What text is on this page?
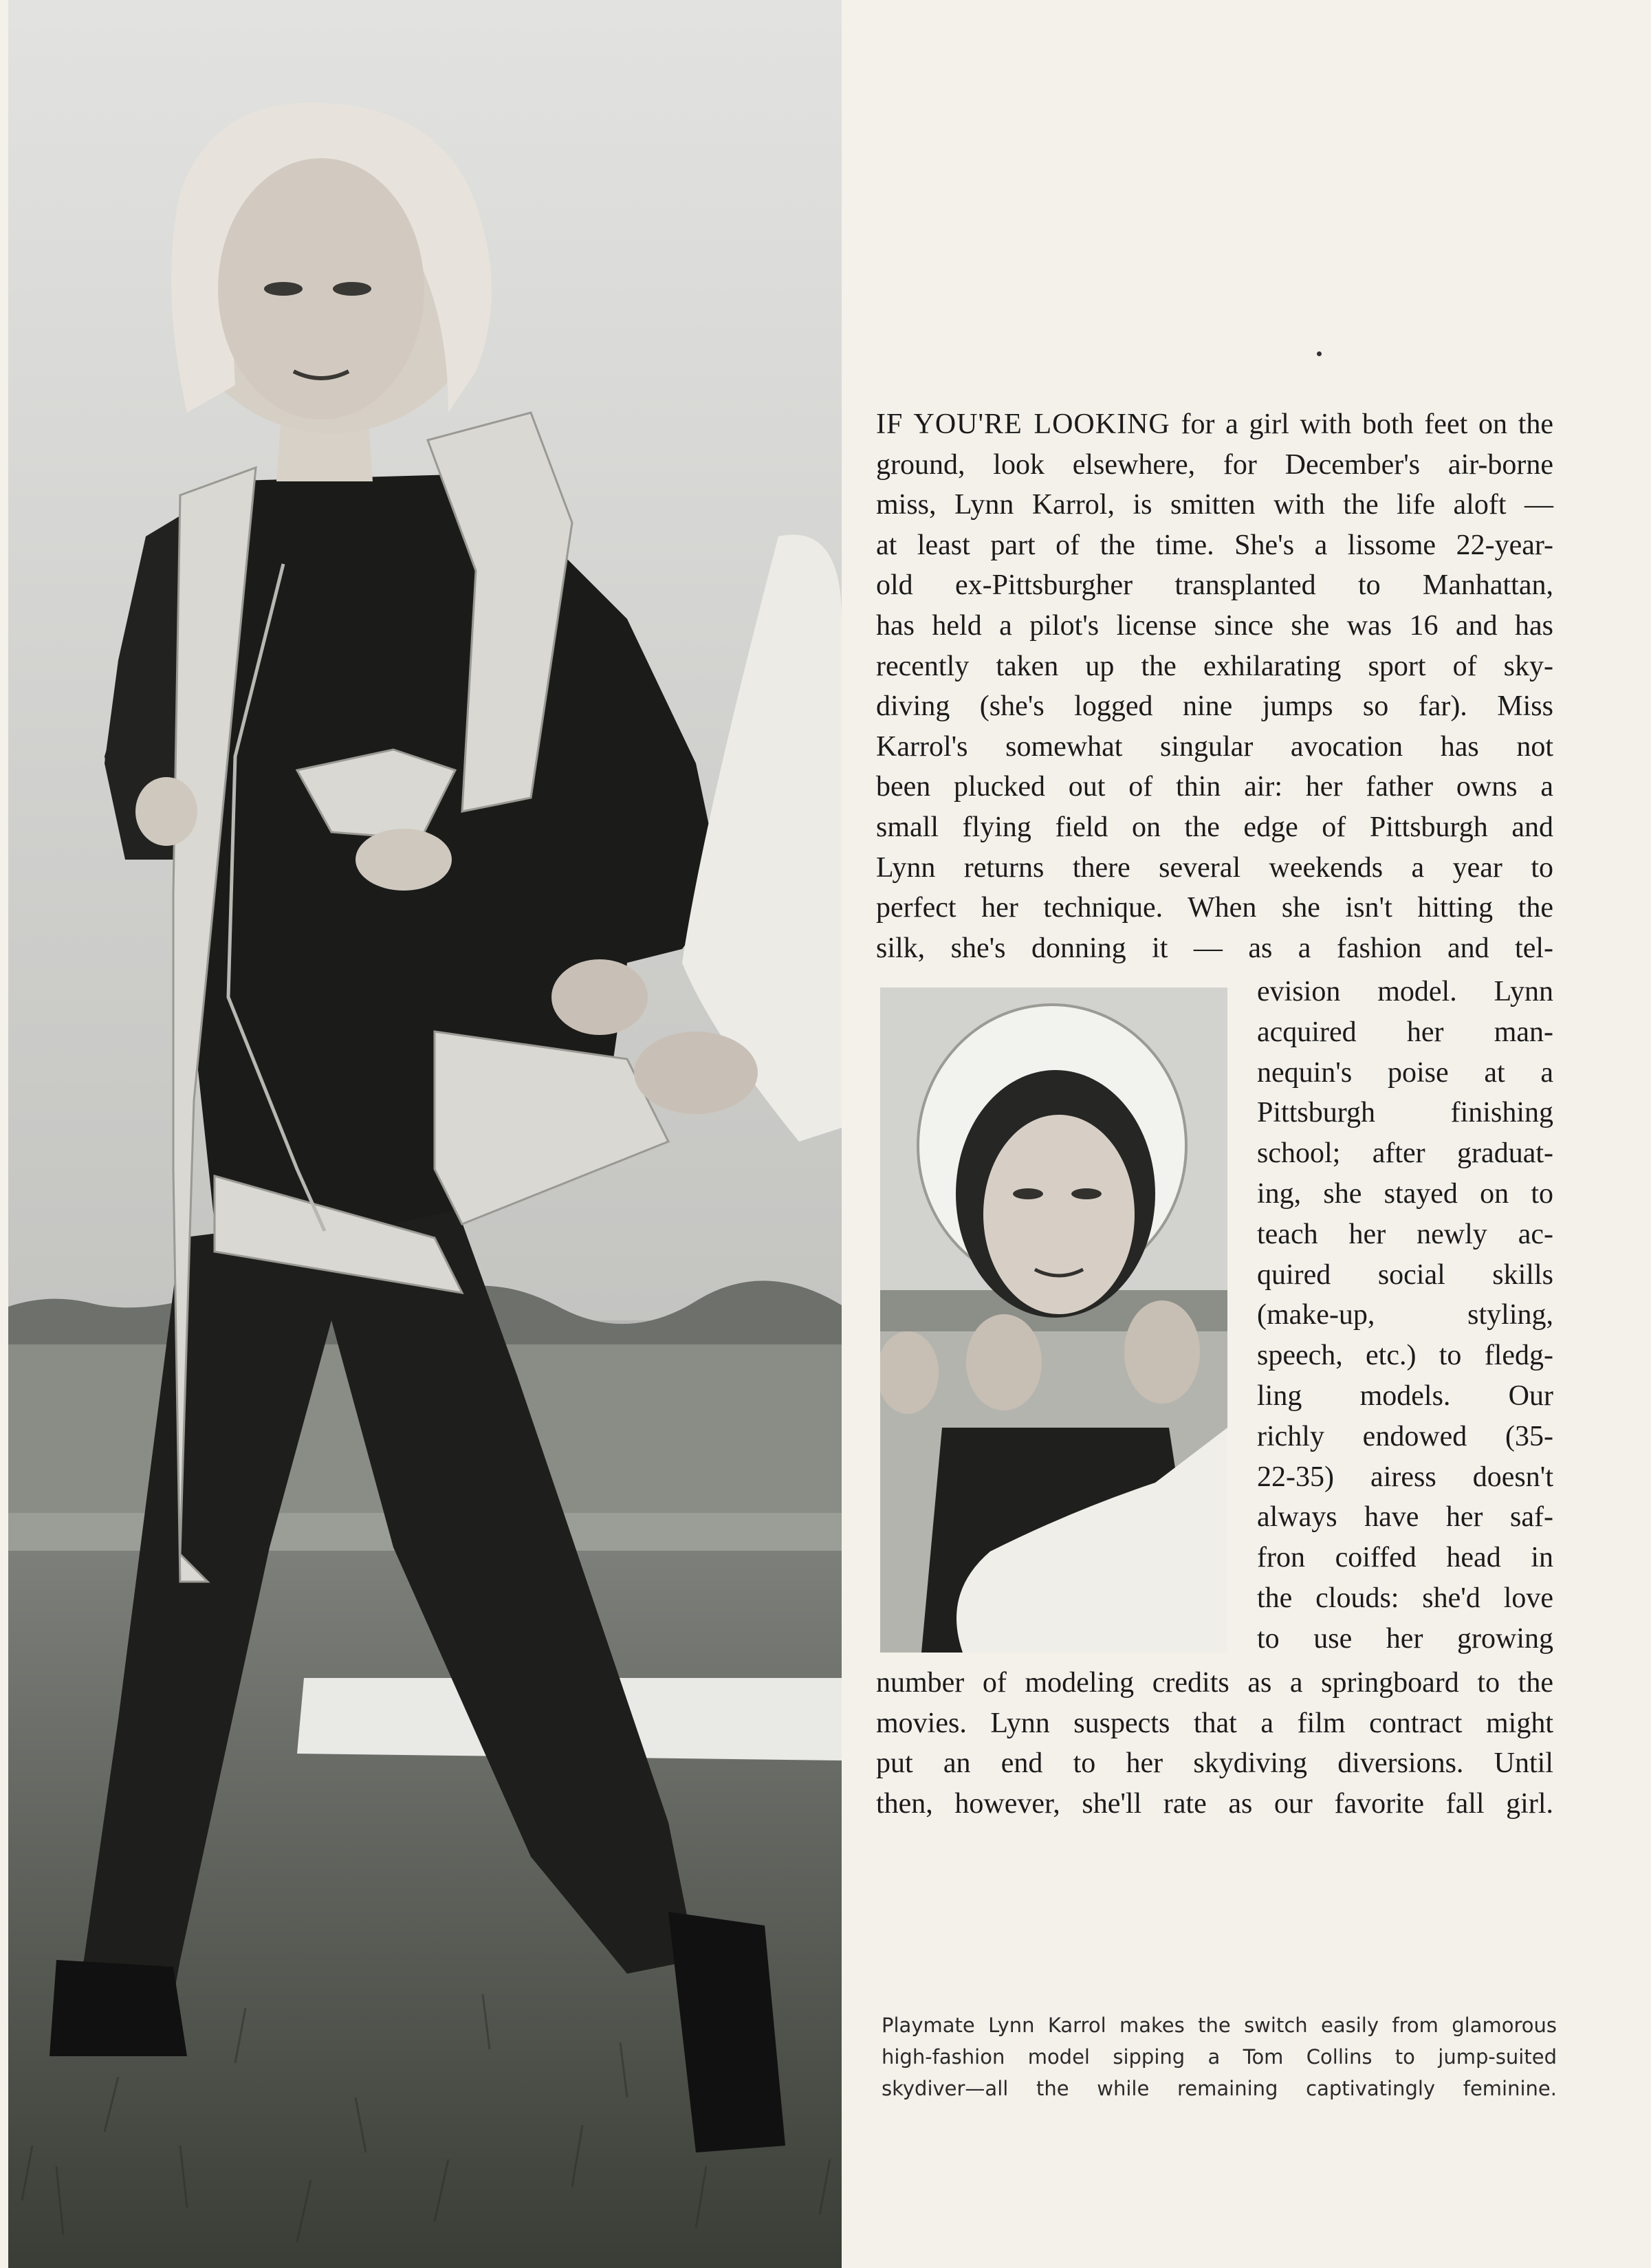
IF YOU'RE LOOKING for a girl with both feet on the
ground, look elsewhere, for December's air-borne
miss, Lynn Karrol, is smitten with the life aloft —
at least part of the time. She's a lissome 22-year-
old ex-Pittsburgher transplanted to Manhattan,
has held a pilot's license since she was 16 and has
recently taken up the exhilarating sport of sky-
diving (she's logged nine jumps so far). Miss
Karrol's somewhat singular avocation has not
been plucked out of thin air: her father owns a
small flying field on the edge of Pittsburgh and
Lynn returns there several weekends a year to
perfect her technique. When she isn't hitting the
silk, she's donning it — as a fashion and tel-
evision model. Lynn
acquired her man-
nequin's poise at a
Pittsburgh finishing
school; after graduat-
ing, she stayed on to
teach her newly ac-
quired social skills
(make-up, styling,
speech, etc.) to fledg-
ling models. Our
richly endowed (35-
22-35) airess doesn't
always have her saf-
fron coiffed head in
the clouds: she'd love
to use her growing
number of modeling credits as a springboard to the
movies. Lynn suspects that a film contract might
put an end to her skydiving diversions. Until
then, however, she'll rate as our favorite fall girl.
Playmate Lynn Karrol makes the switch easily from glamorous
high-fashion model sipping a Tom Collins to jump-suited
skydiver—all the while remaining captivatingly feminine.
